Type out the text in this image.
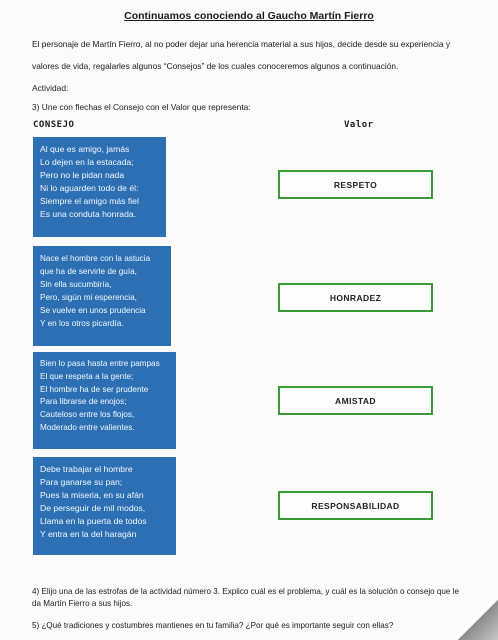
Continuamos conociendo al Gaucho Martín Fierro
El personaje de Martín Fierro, al no poder dejar una herencia material a sus hijos, decide desde su experiencia y
valores de vida, regalarles algunos “Consejos” de los cuales conoceremos algunos a continuación.
Actividad:
3) Une con flechas el Consejo con el Valor que representa:
CONSEJO	Valor
Al que es amigo, jamás
Lo dejen en la estacada;
Pero no le pidan nada
Ni lo aguarden todo de él:
Siempre el amigo más fiel
Es una conduta honrada.
Nace el hombre con la astucia
que ha de servirle de guía,
Sin ella sucumbiría,
Pero, sigún mi esperencia,
Se vuelve en unos prudencia
Y en los otros picardía.
Bien lo pasa hasta entre pampas
El que respeta a la gente;
El hombre ha de ser prudente
Para librarse de enojos;
Cauteloso entre los flojos,
Moderado entre valientes.
Debe trabajar el hombre
Para ganarse su pan;
Pues la miseria, en su afán
De perseguir de mil modos,
Llama en la puerta de todos
Y entra en la del haragán
RESPETO
HONRADEZ
AMISTAD
RESPONSABILIDAD
4) Elijo una de las estrofas de la actividad número 3. Explico cuál es el problema, y cuál es la solución o consejo que le
da Martín Fierro a sus hijos.
5) ¿Qué tradiciones y costumbres mantienes en tu familia? ¿Por qué es importante seguir con ellas?
